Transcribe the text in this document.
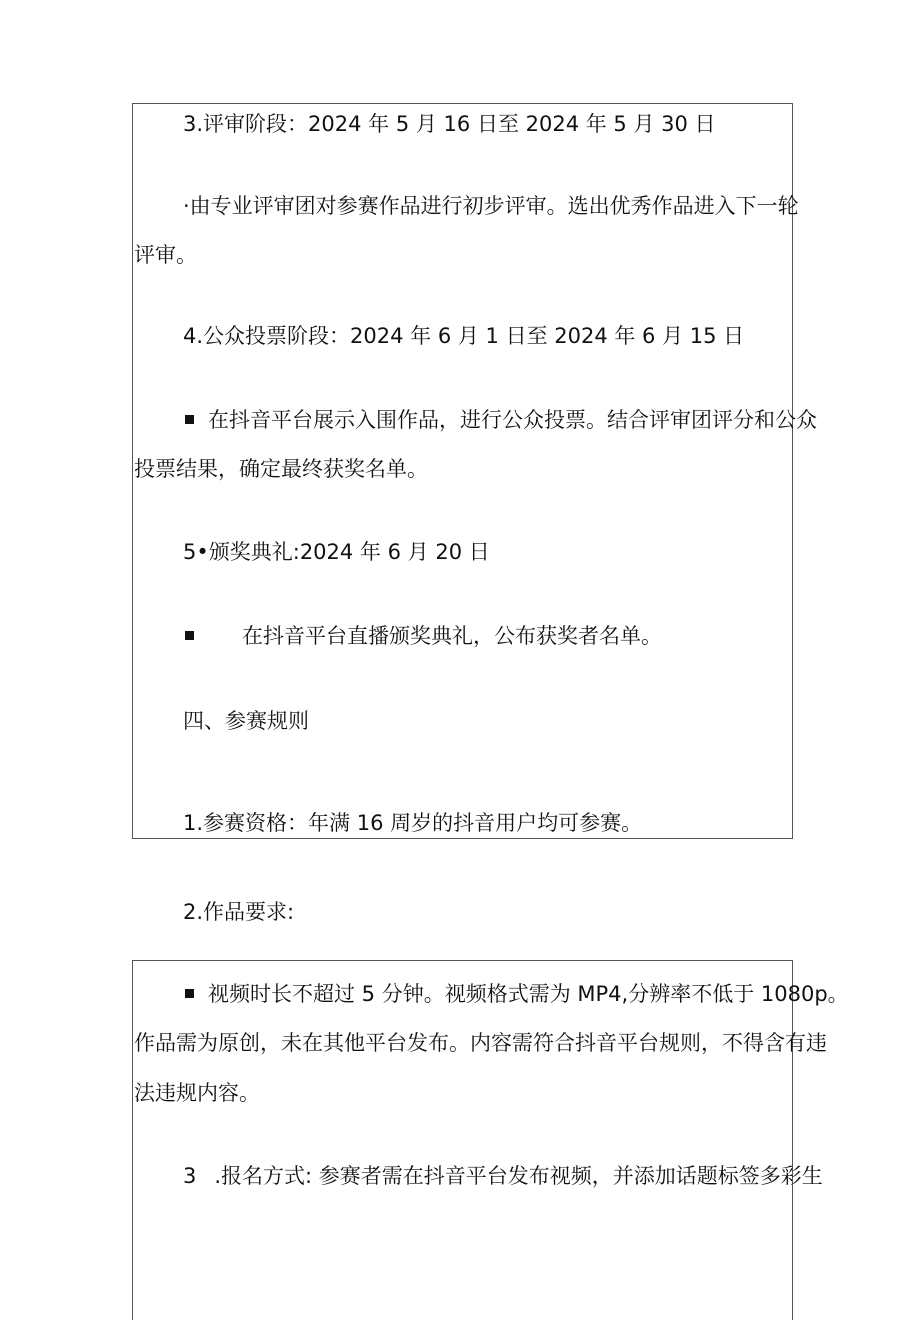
3.评审阶段：2024 年 5 月 16 日至 2024 年 5 月 30 日
·由专业评审团对参赛作品进行初步评审。选出优秀作品进入下一轮
评审。
4.公众投票阶段：2024 年 6 月 1 日至 2024 年 6 月 15 日
在抖音平台展示入围作品，进行公众投票。结合评审团评分和公众
投票结果，确定最终获奖名单。
5•颁奖典礼:2024 年 6 月 20 日
在抖音平台直播颁奖典礼，公布获奖者名单。
四、参赛规则
1.参赛资格：年满 16 周岁的抖音用户均可参赛。
2.作品要求:
视频时长不超过 5 分钟。视频格式需为 MP4,分辨率不低于 1080p。
作品需为原创，未在其他平台发布。内容需符合抖音平台规则，不得含有违
法违规内容。
3 .报名方式: 参赛者需在抖音平台发布视频，并添加话题标签多彩生
